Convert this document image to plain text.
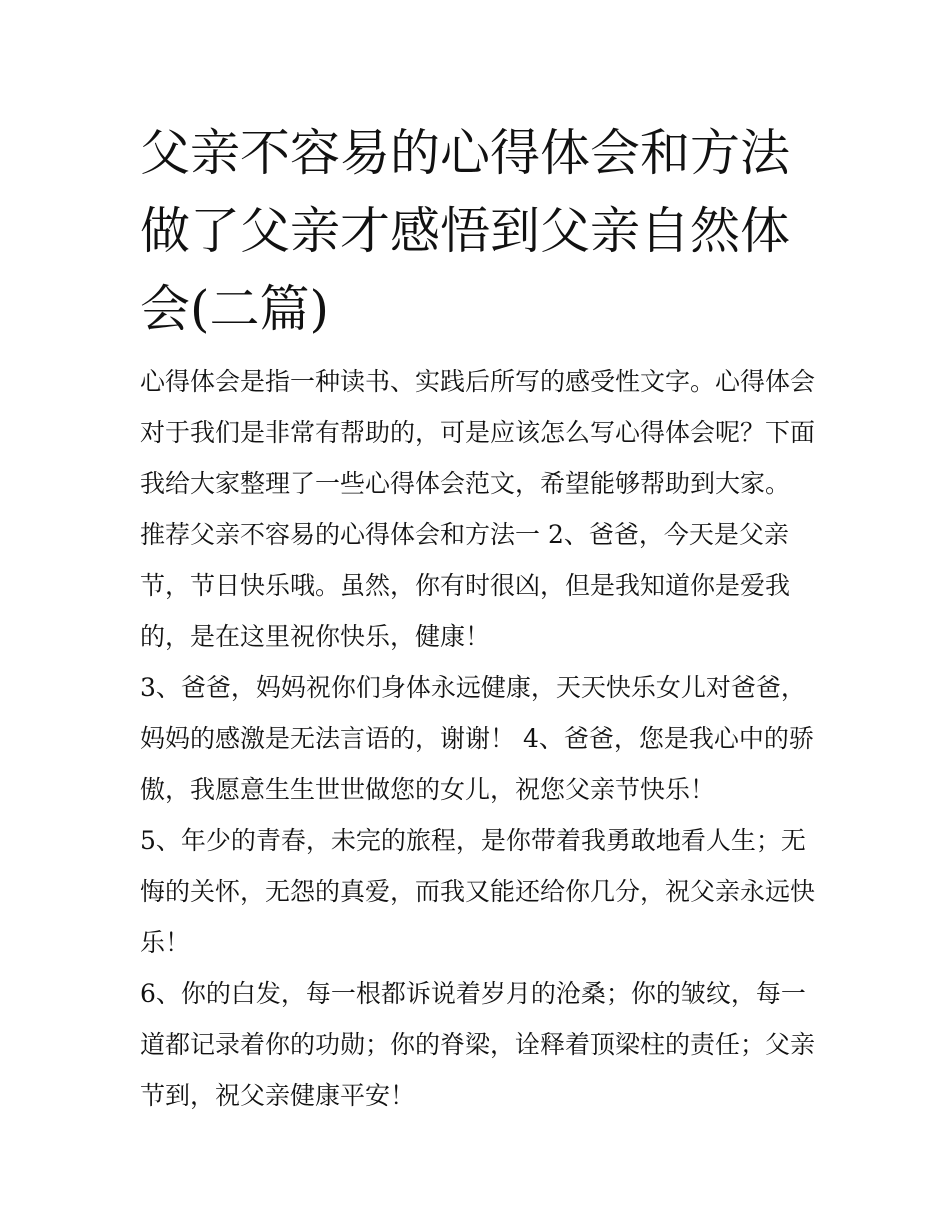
父亲不容易的心得体会和方法
做了父亲才感悟到父亲自然体
会(二篇)

心得体会是指一种读书、实践后所写的感受性文字。心得体会
对于我们是非常有帮助的，可是应该怎么写心得体会呢？下面
我给大家整理了一些心得体会范文，希望能够帮助到大家。

推荐父亲不容易的心得体会和方法一 2、爸爸，今天是父亲
节，节日快乐哦。虽然，你有时很凶，但是我知道你是爱我
的，是在这里祝你快乐，健康！

3、爸爸，妈妈祝你们身体永远健康，天天快乐女儿对爸爸，
妈妈的感激是无法言语的，谢谢！ 4、爸爸，您是我心中的骄
傲，我愿意生生世世做您的女儿，祝您父亲节快乐！

5、年少的青春，未完的旅程，是你带着我勇敢地看人生；无
悔的关怀，无怨的真爱，而我又能还给你几分，祝父亲永远快
乐！

6、你的白发，每一根都诉说着岁月的沧桑；你的皱纹，每一
道都记录着你的功勋；你的脊梁，诠释着顶梁柱的责任；父亲
节到，祝父亲健康平安！
